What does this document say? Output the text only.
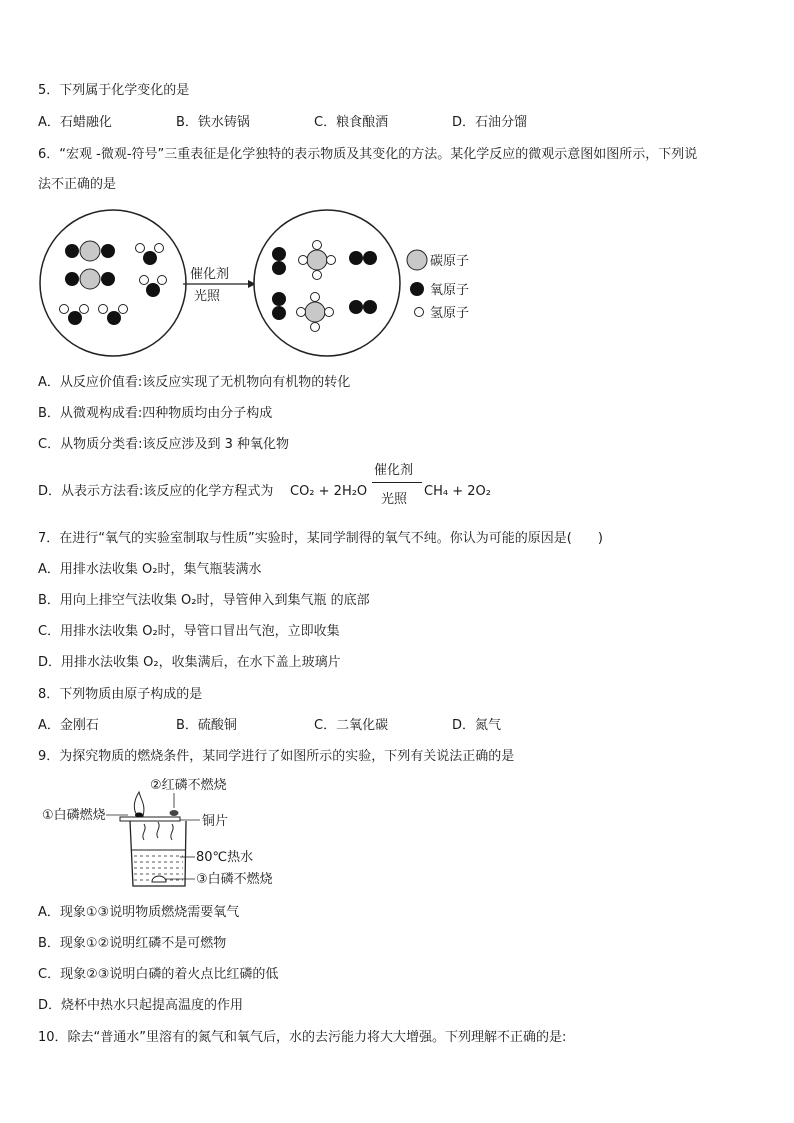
5．下列属于化学变化的是
A．石蜡融化	B．铁水铸锅	C．粮食酿酒	D．石油分馏
6．“宏观 -微观-符号”三重表征是化学独特的表示物质及其变化的方法。某化学反应的微观示意图如图所示，下列说
法不正确的是
催化剂
光照
碳原子
氧原子
氢原子
A．从反应价值看:该反应实现了无机物向有机物的转化
B．从微观构成看:四种物质均由分子构成
C．从物质分类看:该反应涉及到 3 种氧化物
D．从表示方法看:该反应的化学方程式为 CO₂ + 2H₂O
催化剂
光照
CH₄ + 2O₂
7．在进行“氧气的实验室制取与性质”实验时，某同学制得的氧气不纯。你认为可能的原因是(　　)
A．用排水法收集 O₂时，集气瓶装满水
B．用向上排空气法收集 O₂时，导管伸入到集气瓶 的底部
C．用排水法收集 O₂时，导管口冒出气泡，立即收集
D．用排水法收集 O₂，收集满后，在水下盖上玻璃片
8．下列物质由原子构成的是
A．金刚石	B．硫酸铜	C．二氧化碳	D．氮气
9．为探究物质的燃烧条件，某同学进行了如图所示的实验，下列有关说法正确的是
①白磷燃烧
②红磷不燃烧
铜片
80℃热水
③白磷不燃烧
A．现象①③说明物质燃烧需要氧气
B．现象①②说明红磷不是可燃物
C．现象②③说明白磷的着火点比红磷的低
D．烧杯中热水只起提高温度的作用
10．除去“普通水”里溶有的氮气和氧气后，水的去污能力将大大增强。下列理解不正确的是:
